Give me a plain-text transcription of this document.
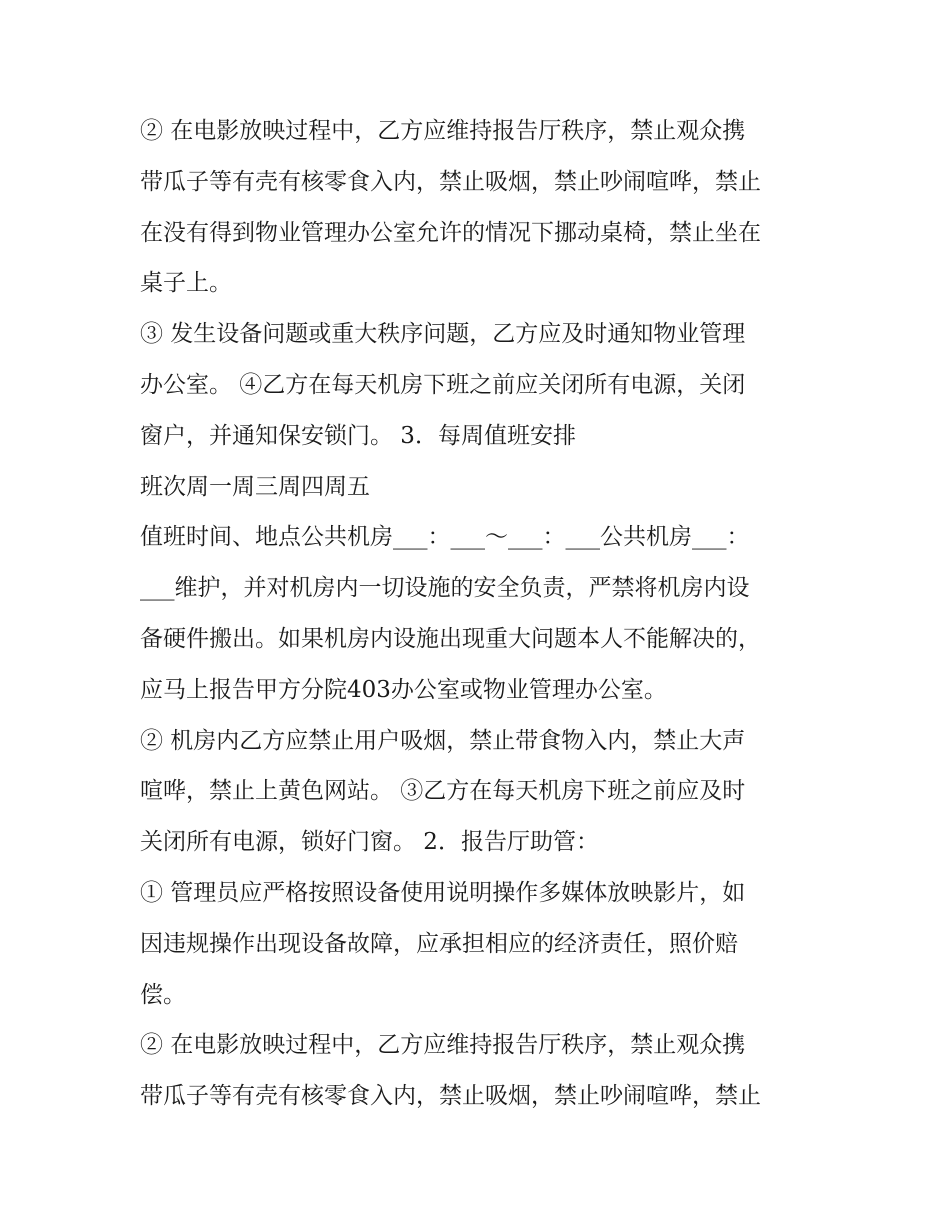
② 在电影放映过程中，乙方应维持报告厅秩序，禁止观众携
带瓜子等有壳有核零食入内，禁止吸烟，禁止吵闹喧哗，禁止
在没有得到物业管理办公室允许的情况下挪动桌椅，禁止坐在
桌子上。
③ 发生设备问题或重大秩序问题，乙方应及时通知物业管理
办公室。 ④乙方在每天机房下班之前应关闭所有电源，关闭
窗户，并通知保安锁门。 3．每周值班安排
班次周一周三周四周五
值班时间、地点公共机房___：___～___：___公共机房___：
___维护，并对机房内一切设施的安全负责，严禁将机房内设
备硬件搬出。如果机房内设施出现重大问题本人不能解决的，
应马上报告甲方分院403办公室或物业管理办公室。
② 机房内乙方应禁止用户吸烟，禁止带食物入内，禁止大声
喧哗，禁止上黄色网站。 ③乙方在每天机房下班之前应及时
关闭所有电源，锁好门窗。 2．报告厅助管：
① 管理员应严格按照设备使用说明操作多媒体放映影片，如
因违规操作出现设备故障，应承担相应的经济责任，照价赔
偿。
② 在电影放映过程中，乙方应维持报告厅秩序，禁止观众携
带瓜子等有壳有核零食入内，禁止吸烟，禁止吵闹喧哗，禁止
